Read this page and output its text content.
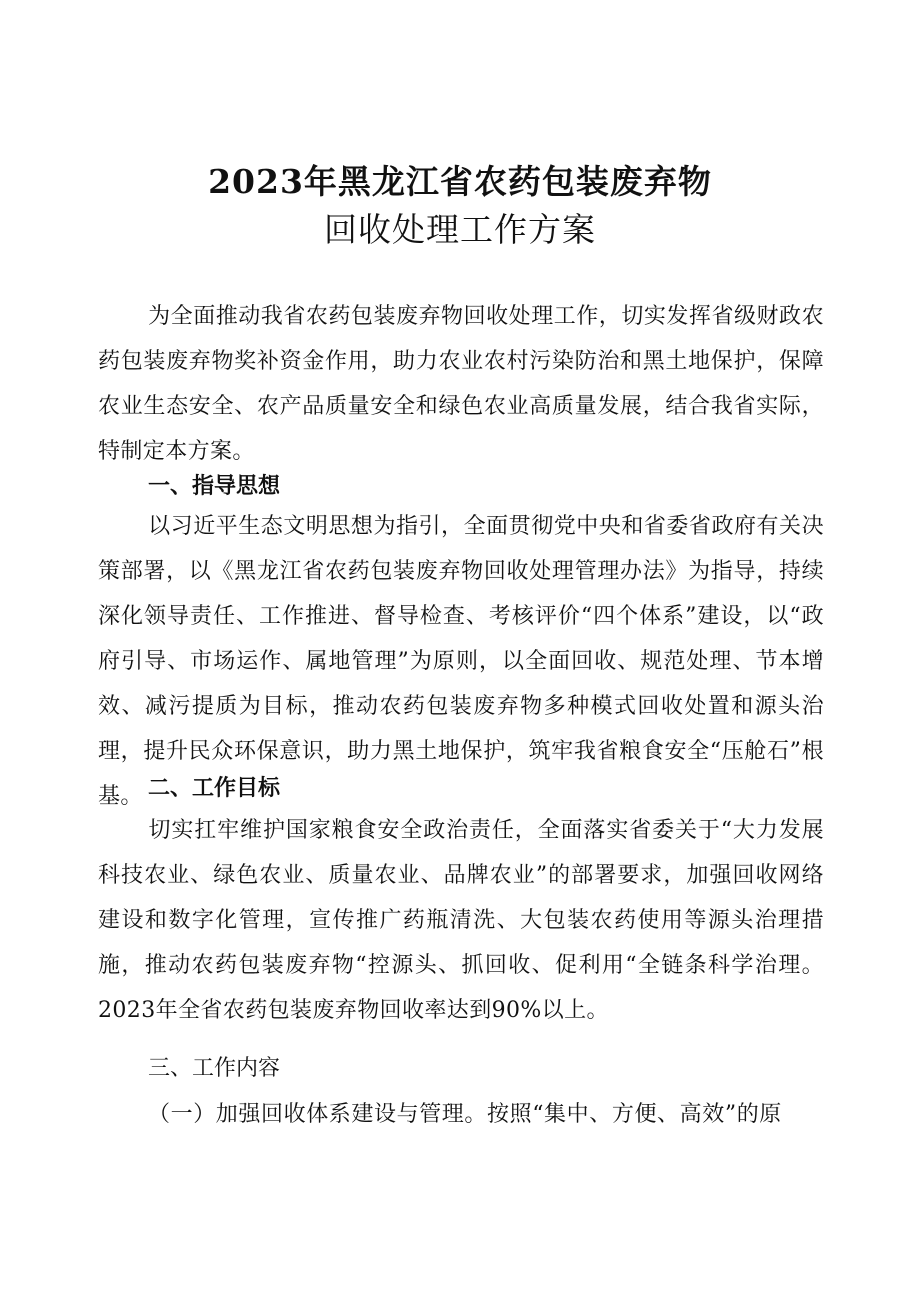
2023年黑龙江省农药包装废弃物
回收处理工作方案
为全面推动我省农药包装废弃物回收处理工作，切实发挥省级财政农药包装废弃物奖补资金作用，助力农业农村污染防治和黑土地保护，保障农业生态安全、农产品质量安全和绿色农业高质量发展，结合我省实际，特制定本方案。
一、指导思想
以习近平生态文明思想为指引，全面贯彻党中央和省委省政府有关决策部署，以《黑龙江省农药包装废弃物回收处理管理办法》为指导，持续深化领导责任、工作推进、督导检查、考核评价“四个体系”建设，以“政府引导、市场运作、属地管理”为原则，以全面回收、规范处理、节本增效、减污提质为目标，推动农药包装废弃物多种模式回收处置和源头治理，提升民众环保意识，助力黑土地保护，筑牢我省粮食安全“压舱石”根基。 二、工作目标
切实扛牢维护国家粮食安全政治责任，全面落实省委关于“大力发展科技农业、绿色农业、质量农业、品牌农业”的部署要求，加强回收网络建设和数字化管理，宣传推广药瓶清洗、大包装农药使用等源头治理措施，推动农药包装废弃物“控源头、抓回收、促利用“全链条科学治理。2023年全省农药包装废弃物回收率达到90%以上。
三、工作内容
（一）加强回收体系建设与管理。按照“集中、方便、高效”的原
